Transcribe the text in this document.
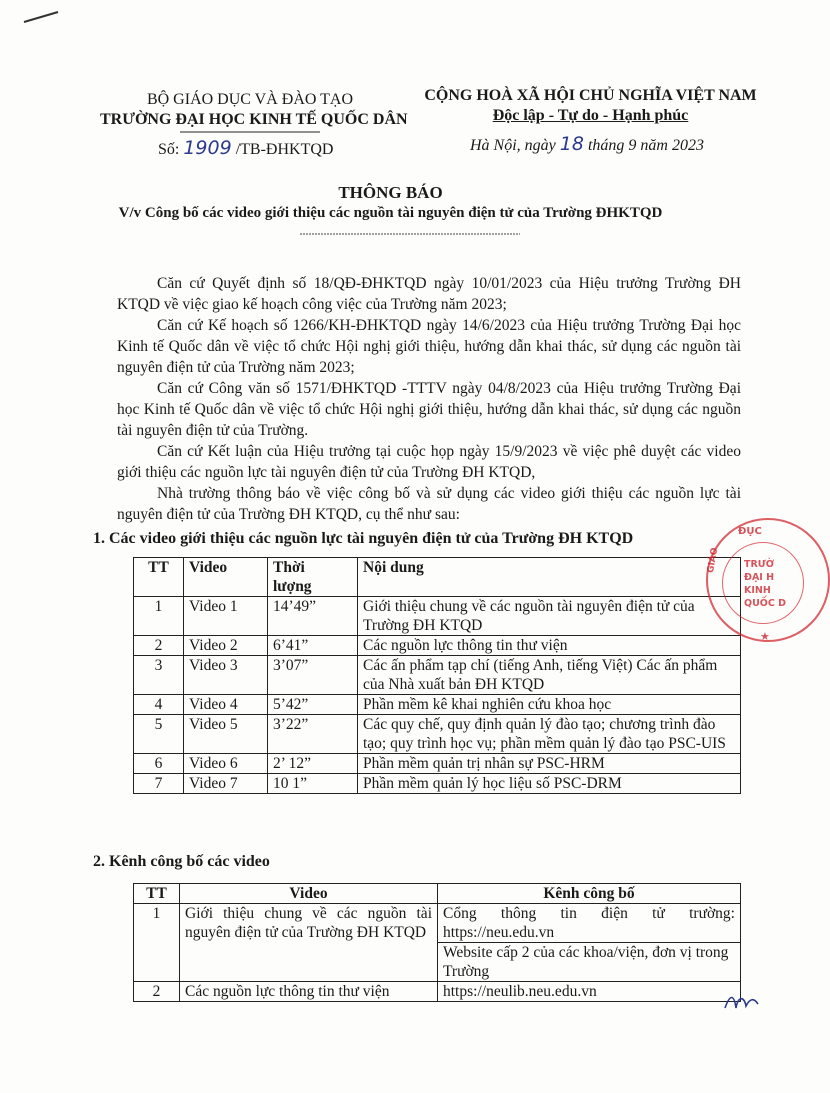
BỘ GIÁO DỤC VÀ ĐÀO TẠO
TRƯỜNG ĐẠI HỌC KINH TẾ QUỐC DÂN
Số: 1909 /TB-ĐHKTQD
CỘNG HOÀ XÃ HỘI CHỦ NGHĨA VIỆT NAM
Độc lập - Tự do - Hạnh phúc
Hà Nội, ngày 18 tháng 9 năm 2023
THÔNG BÁO
V/v Công bố các video giới thiệu các nguồn tài nguyên điện tử của Trường ĐHKTQD

Căn cứ Quyết định số 18/QĐ-ĐHKTQD ngày 10/01/2023 của Hiệu trưởng Trường ĐH KTQD về việc giao kế hoạch công việc của Trường năm 2023;

Căn cứ Kế hoạch số 1266/KH-ĐHKTQD ngày 14/6/2023 của Hiệu trưởng Trường Đại học Kinh tế Quốc dân về việc tổ chức Hội nghị giới thiệu, hướng dẫn khai thác, sử dụng các nguồn tài nguyên điện tử của Trường năm 2023;

Căn cứ Công văn số 1571/ĐHKTQD -TTTV ngày 04/8/2023 của Hiệu trưởng Trường Đại học Kinh tế Quốc dân về việc tổ chức Hội nghị giới thiệu, hướng dẫn khai thác, sử dụng các nguồn tài nguyên điện tử của Trường.

Căn cứ Kết luận của Hiệu trưởng tại cuộc họp ngày 15/9/2023 về việc phê duyệt các video giới thiệu các nguồn lực tài nguyên điện tử của Trường ĐH KTQD,

Nhà trường thông báo về việc công bố và sử dụng các video giới thiệu các nguồn lực tài nguyên điện tử của Trường ĐH KTQD, cụ thể như sau:

1. Các video giới thiệu các nguồn lực tài nguyên điện tử của Trường ĐH KTQD
TT	Video	Thời lượng	Nội dung
1	Video 1	14’49”	Giới thiệu chung về các nguồn tài nguyên điện tử của Trường ĐH KTQD
2	Video 2	6’41”	Các nguồn lực thông tin thư viện
3	Video 3	3’07”	Các ấn phẩm tạp chí (tiếng Anh, tiếng Việt) Các ấn phẩm của Nhà xuất bản ĐH KTQD
4	Video 4	5’42”	Phần mềm kê khai nghiên cứu khoa học
5	Video 5	3’22”	Các quy chế, quy định quản lý đào tạo; chương trình đào tạo; quy trình học vụ; phần mềm quản lý đào tạo PSC-UIS
6	Video 6	2’ 12”	Phần mềm quản trị nhân sự PSC-HRM
7	Video 7	10 1”	Phần mềm quản lý học liệu số PSC-DRM
ĐỤC
GIÁO TRƯỜ
ĐẠI H
KINH
QUỐC D
★
2. Kênh công bố các video
TT	Video	Kênh công bố
1	Giới thiệu chung về các nguồn tài nguyên điện tử của Trường ĐH KTQD	Cổng thông tin điện tử trường:
https://neu.edu.vn
Website cấp 2 của các khoa/viện, đơn vị trong Trường

2	Các nguồn lực thông tin thư viện	https://neulib.neu.edu.vn
